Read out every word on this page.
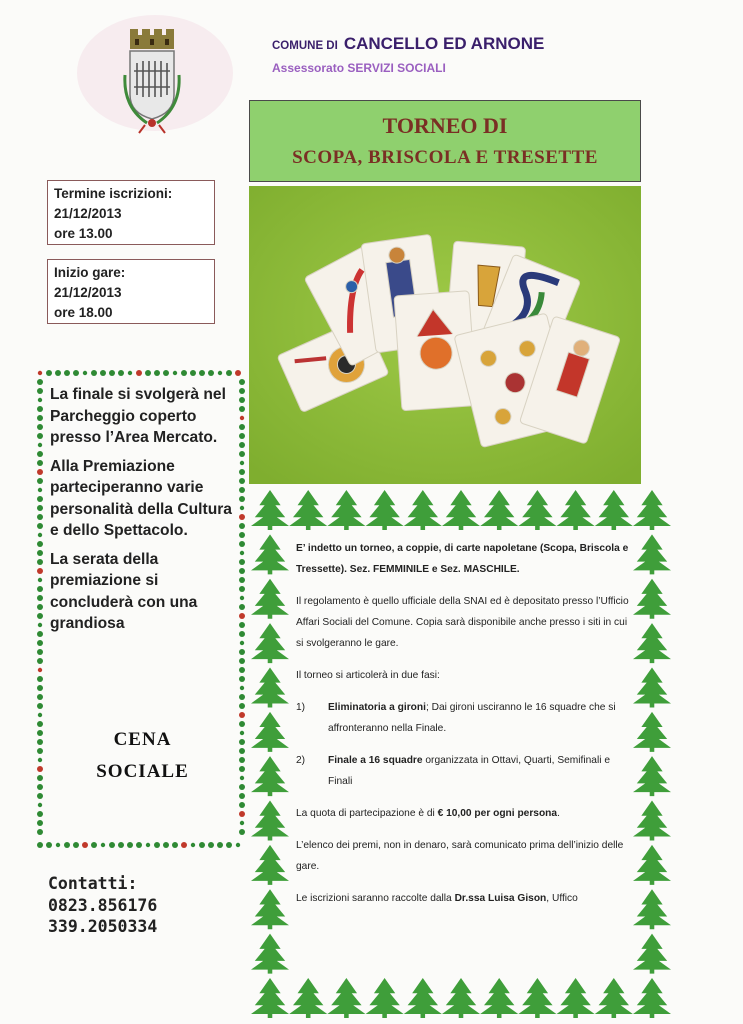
COMUNE DI CANCELLO ED ARNONE
Assessorato SERVIZI SOCIALI
TORNEO DI
SCOPA, BRISCOLA E TRESETTE
Termine iscrizioni:
21/12/2013
ore 13.00
Inizio gare:
21/12/2013
ore 18.00

La finale si svolgerà nel Parcheggio coperto presso l’Area Mercato.

Alla Premiazione parteciperanno varie personalità della Cultura e dello Spettacolo.

La serata della premiazione si concluderà con una grandiosa

CENA
SOCIALE
Contatti:
0823.856176
339.2050334

E’ indetto un torneo, a coppie, di carte napoletane (Scopa, Briscola e Tressette). Sez. FEMMINILE e Sez. MASCHILE.

Il regolamento è quello ufficiale della SNAI ed è depositato presso l’Ufficio Affari Sociali del Comune. Copia sarà disponibile anche presso i siti in cui si svolgeranno le gare.

Il torneo si articolerà in due fasi:

1)	Eliminatoria a gironi; Dai gironi usciranno le 16 squadre che si affronteranno nella Finale.
2)	Finale a 16 squadre organizzata in Ottavi, Quarti, Semifinali e Finali

La quota di partecipazione è di € 10,00 per ogni persona.

L’elenco dei premi, non in denaro, sarà comunicato prima dell’inizio delle gare.

Le iscrizioni saranno raccolte dalla Dr.ssa Luisa Gison, Uffico
